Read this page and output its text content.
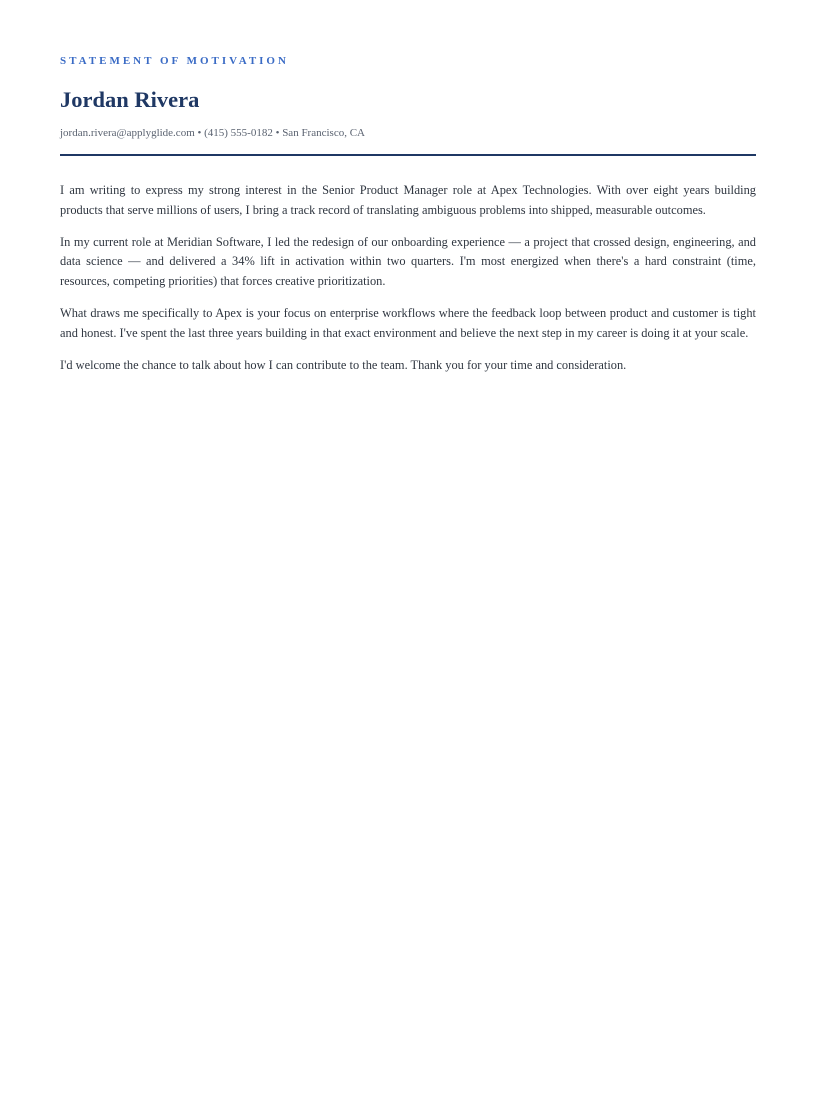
STATEMENT OF MOTIVATION
Jordan Rivera
jordan.rivera@applyglide.com • (415) 555-0182 • San Francisco, CA

I am writing to express my strong interest in the Senior Product Manager role at Apex Technologies. With over eight years building products that serve millions of users, I bring a track record of translating ambiguous problems into shipped, measurable outcomes.

In my current role at Meridian Software, I led the redesign of our onboarding experience — a project that crossed design, engineering, and data science — and delivered a 34% lift in activation within two quarters. I'm most energized when there's a hard constraint (time, resources, competing priorities) that forces creative prioritization.

What draws me specifically to Apex is your focus on enterprise workflows where the feedback loop between product and customer is tight and honest. I've spent the last three years building in that exact environment and believe the next step in my career is doing it at your scale.

I'd welcome the chance to talk about how I can contribute to the team. Thank you for your time and consideration.
